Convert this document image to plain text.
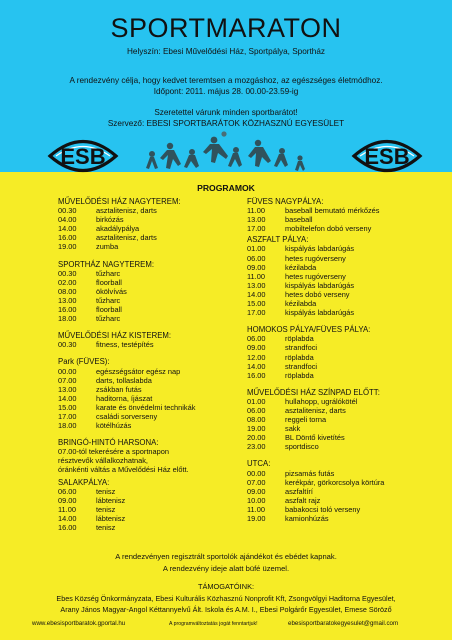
SPORTMARATON
Helyszín: Ebesi Művelődési Ház, Sportpálya, Sportház
A rendezvény célja, hogy kedvet teremtsen a mozgáshoz, az egészséges életmódhoz.
Időpont: 2011. május 28. 00.00-23.59-ig
Szeretettel várunk minden sportbarátot!
Szervező: EBESI SPORTBARÁTOK KÖZHASZNÚ EGYESÜLET
ESB	ESB
PROGRAMOK
MŰVELŐDÉSI HÁZ NAGYTEREM:
00.30	asztalitenisz, darts
04.00	birkózás
14.00	akadálypálya
16.00	asztalitenisz, darts
19.00	zumba
SPORTHÁZ NAGYTEREM:
00.30	tűzharc
02.00	floorball
08.00	ökölvívás
13.00	tűzharc
16.00	floorball
18.00	tűzharc
MŰVELŐDÉSI HÁZ KISTEREM:
00.30	fitness, testépítés
Park (FÜVES):
00.00	egészségsátor egész nap
07.00	darts, tollaslabda
13.00	zsákban futás
14.00	haditorna, íjászat
15.00	karate és önvédelmi technikák
17.00	családi sorverseny
18.00	kötélhúzás
BRINGÓ-HINTÓ HARSONA:
07.00-tól tekerésére a sportnapon
résztvevők vállalkozhatnak,
óránkénti váltás a Művelődési Ház előtt.
SALAKPÁLYA:
06.00	tenisz
09.00	lábtenisz
11.00	tenisz
14.00	lábtenisz
16.00	tenisz
FÜVES NAGYPÁLYA:
11.00	baseball bemutató mérkőzés
13.00	baseball
17.00	mobiltelefon dobó verseny
ASZFALT PÁLYA:
01.00	kispályás labdarúgás
06.00	hetes rugóverseny
09.00	kézilabda
11.00	hetes rugóverseny
13.00	kispályás labdarúgás
14.00	hetes dobó verseny
15.00	kézilabda
17.00	kispályás labdarúgás
HOMOKOS PÁLYA/FÜVES PÁLYA:
06.00	röplabda
09.00	strandfoci
12.00	röplabda
14.00	strandfoci
16.00	röplabda
MŰVELŐDÉSI HÁZ SZÍNPAD ELŐTT:
01.00	hullahopp, ugrálókötél
06.00	asztalitenisz, darts
08.00	reggeli torna
19.00	sakk
20.00	BL Döntő kivetítés
23.00	sportdisco
UTCA:
00.00	pizsamás futás
07.00	kerékpár, görkorcsolya körtúra
09.00	aszfaltírí
10.00	aszfalt rajz
11.00	babakocsi toló verseny
19.00	kamionhúzás
A rendezvényen regisztrált sportolók ajándékot és ebédet kapnak.
A rendezvény ideje alatt büfé üzemel.
TÁMOGATÓINK:
Ebes Község Önkormányzata, Ebesi Kulturális Közhasznú Nonprofit Kft, Zsongvölgyi Haditorna Egyesület,
Arany János Magyar-Angol Kéttannyelvű Ált. Iskola és A.M. I., Ebesi Polgárőr Egyesület, Emese Söröző
www.ebesisportbaratok.gportal.hu	A programváltoztatás jogát fenntartjuk!	ebesisportbaratokegyesulet@gmail.com
